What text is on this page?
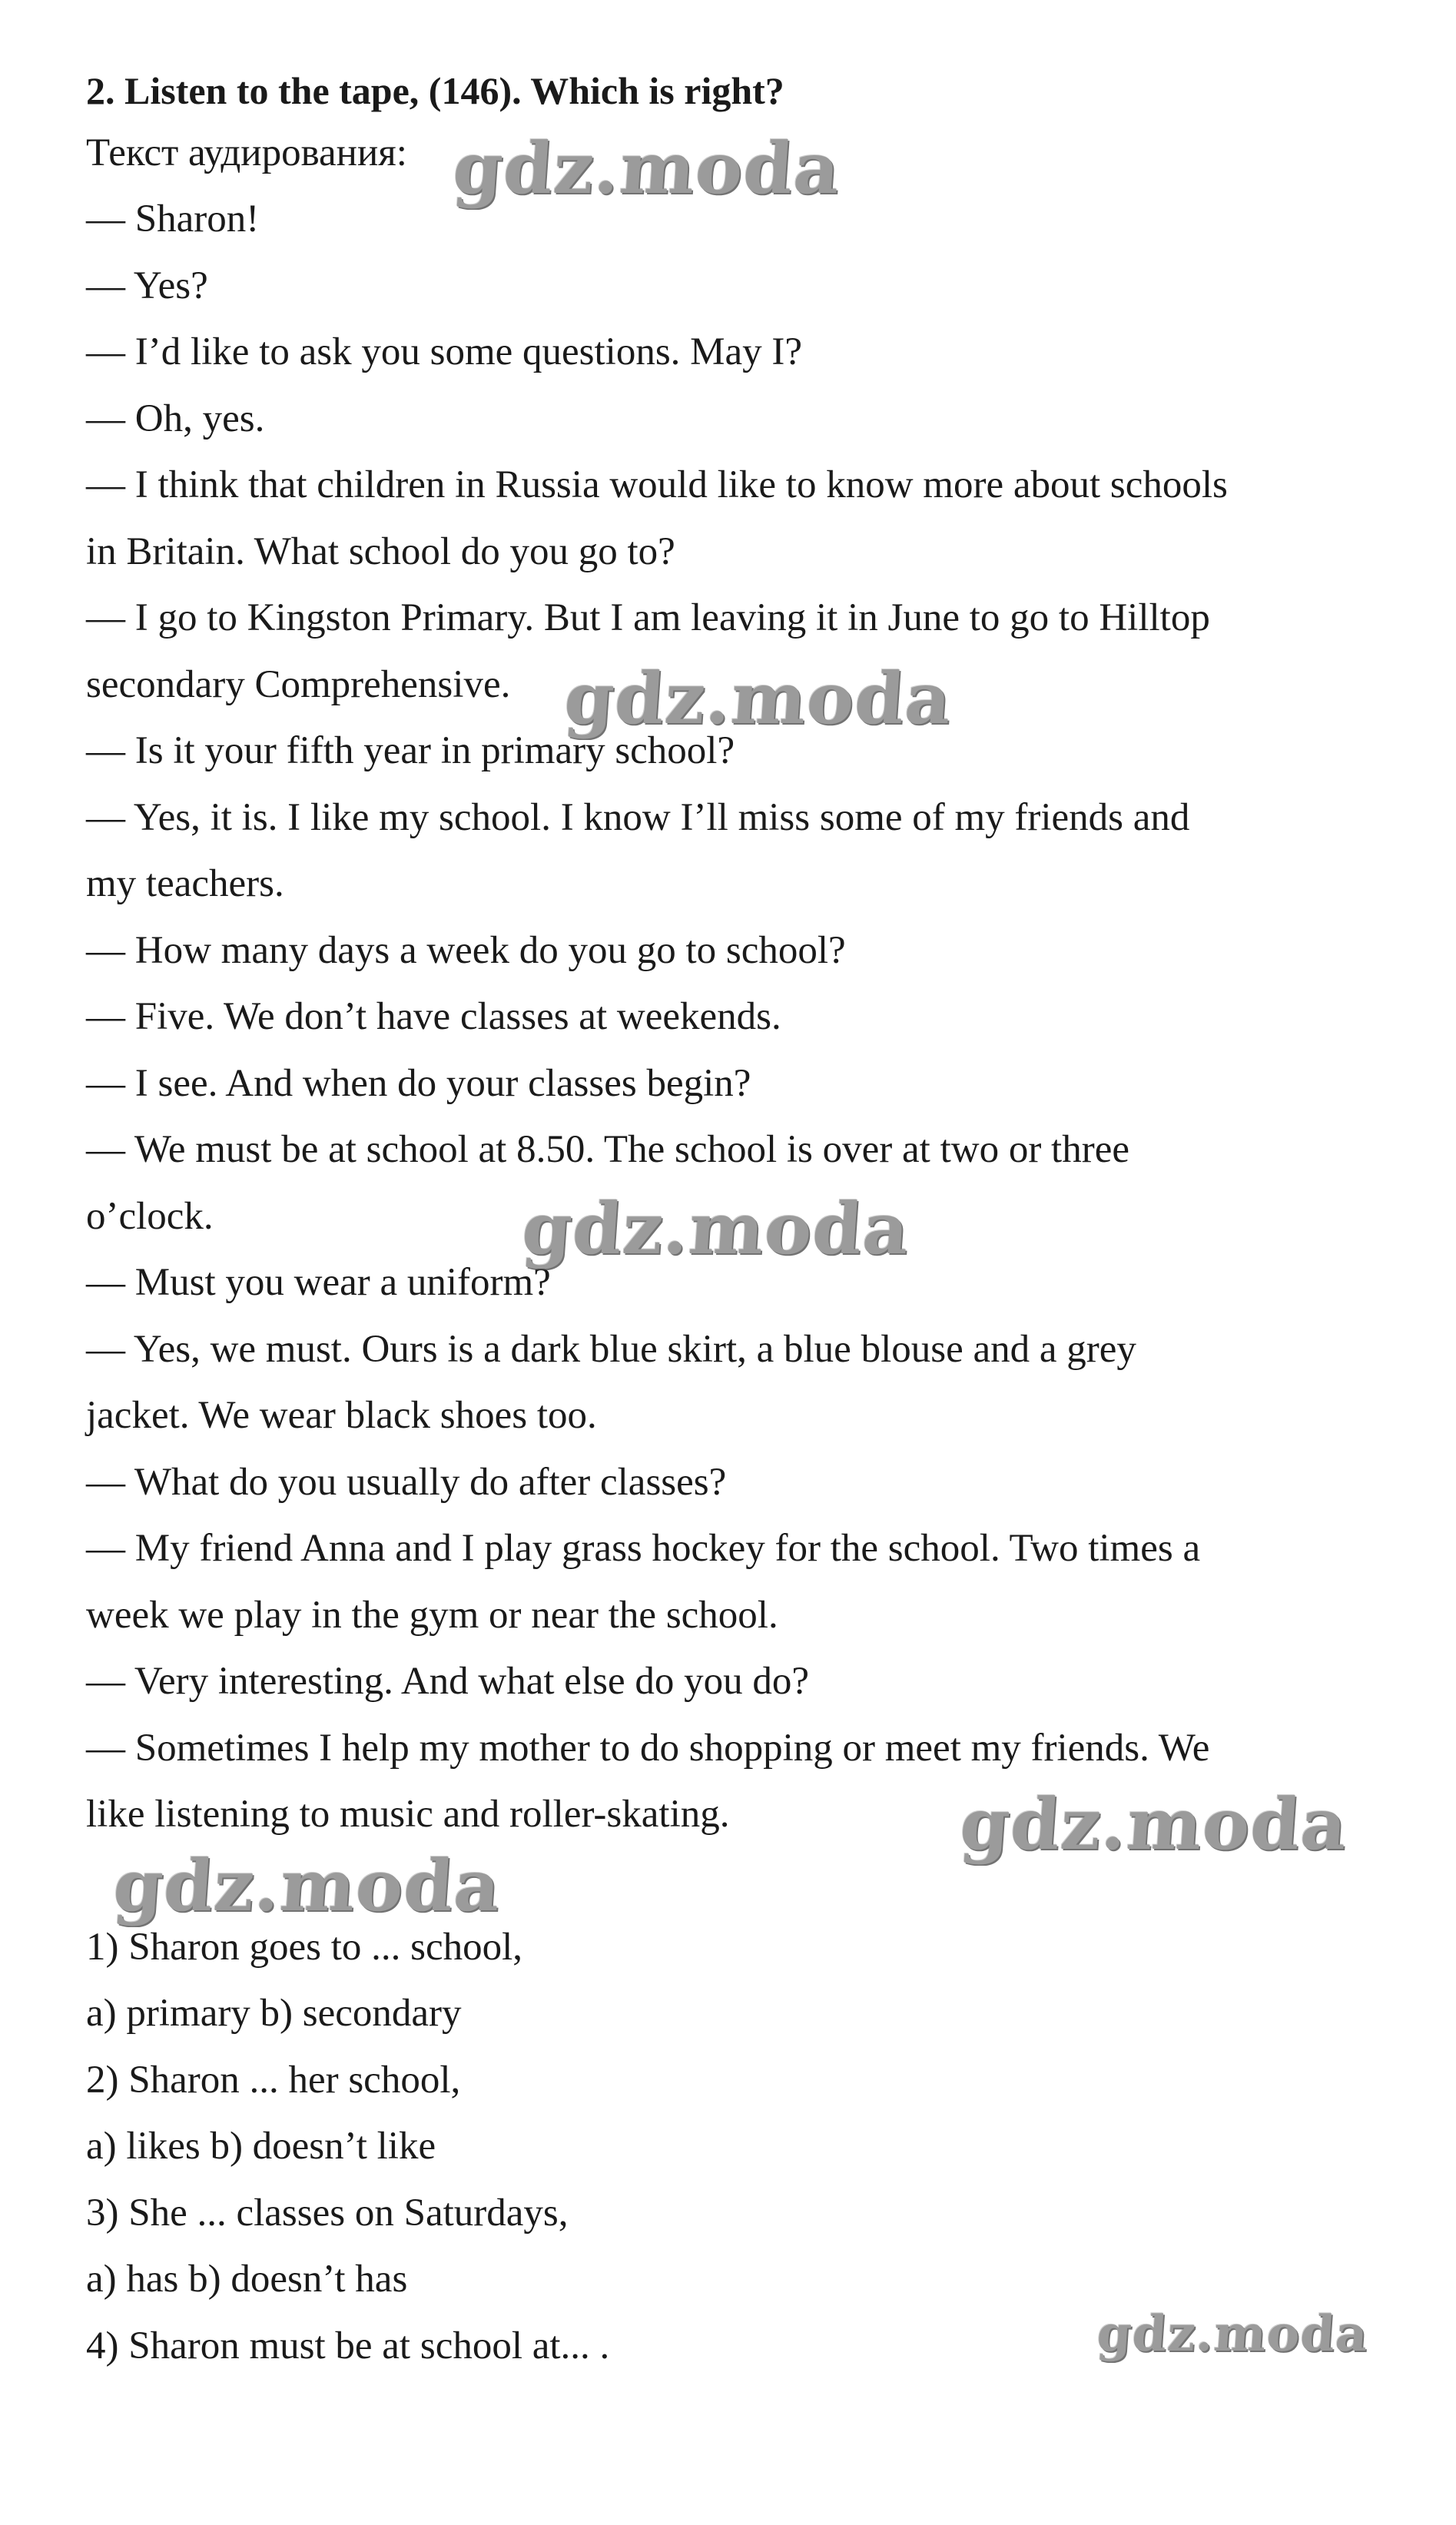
2. Listen to the tape, (146). Which is right?
Текст аудирования:
— Sharon!
— Yes?
— I’d like to ask you some questions. May I?
— Oh, yes.
— I think that children in Russia would like to know more about schools
in Britain. What school do you go to?
— I go to Kingston Primary. But I am leaving it in June to go to Hilltop
secondary Comprehensive.
— Is it your fifth year in primary school?
— Yes, it is. I like my school. I know I’ll miss some of my friends and
my teachers.
— How many days a week do you go to school?
— Five. We don’t have classes at weekends.
— I see. And when do your classes begin?
— We must be at school at 8.50. The school is over at two or three
o’clock.
— Must you wear a uniform?
— Yes, we must. Ours is a dark blue skirt, a blue blouse and a grey
jacket. We wear black shoes too.
— What do you usually do after classes?
— My friend Anna and I play grass hockey for the school. Two times a
week we play in the gym or near the school.
— Very interesting. And what else do you do?
— Sometimes I help my mother to do shopping or meet my friends. We
like listening to music and roller-skating.
1) Sharon goes to ... school,
a) primary b) secondary
2) Sharon ... her school,
a) likes b) doesn’t like
3) She ... classes on Saturdays,
a) has b) doesn’t has
4) Sharon must be at school at... .
gdz.moda
gdz.moda
gdz.moda
gdz.moda
gdz.moda
gdz.moda
